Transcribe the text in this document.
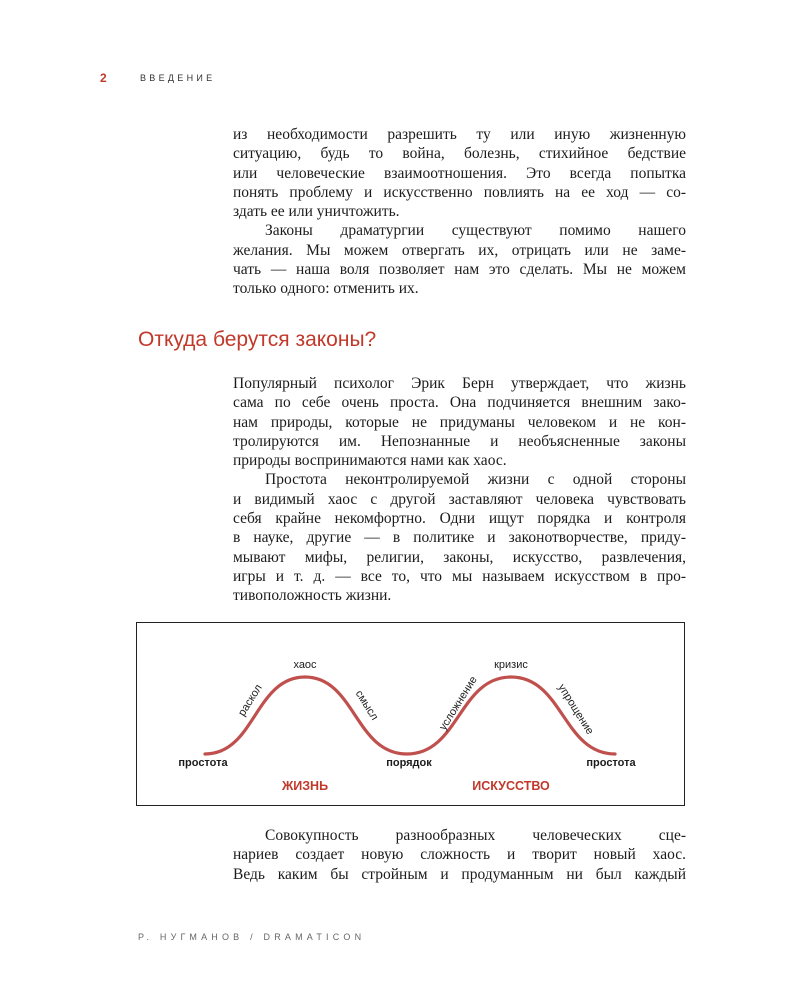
2	ВВЕДЕНИЕ
из необходимости разрешить ту или иную жизненную
ситуацию, будь то война, болезнь, стихийное бедствие
или человеческие взаимоотношения. Это всегда попытка
понять проблему и искусственно повлиять на ее ход — со-
здать ее или уничтожить.
Законы драматургии существуют помимо нашего
желания. Мы можем отвергать их, отрицать или не заме-
чать — наша воля позволяет нам это сделать. Мы не можем
только одного: отменить их.
Откуда берутся законы?
Популярный психолог Эрик Берн утверждает, что жизнь
сама по себе очень проста. Она подчиняется внешним зако-
нам природы, которые не придуманы человеком и не кон-
тролируются им. Непознанные и необъясненные законы
природы воспринимаются нами как хаос.
Простота неконтролируемой жизни с одной стороны
и видимый хаос с другой заставляют человека чувствовать
себя крайне некомфортно. Одни ищут порядка и контроля
в науке, другие — в политике и законотворчестве, приду-
мывают мифы, религии, законы, искусство, развлечения,
игры и т. д. — все то, что мы называем искусством в про-
тивоположность жизни.
хаос	кризис
раскол	смысл	усложнение	упрощение
простота	порядок	простота
ЖИЗНЬ	ИСКУССТВО
Совокупность разнообразных человеческих сце-
нариев создает новую сложность и творит новый хаос.
Ведь каким бы стройным и продуманным ни был каждый
Р. НУГМАНОВ / DRAMATICON
